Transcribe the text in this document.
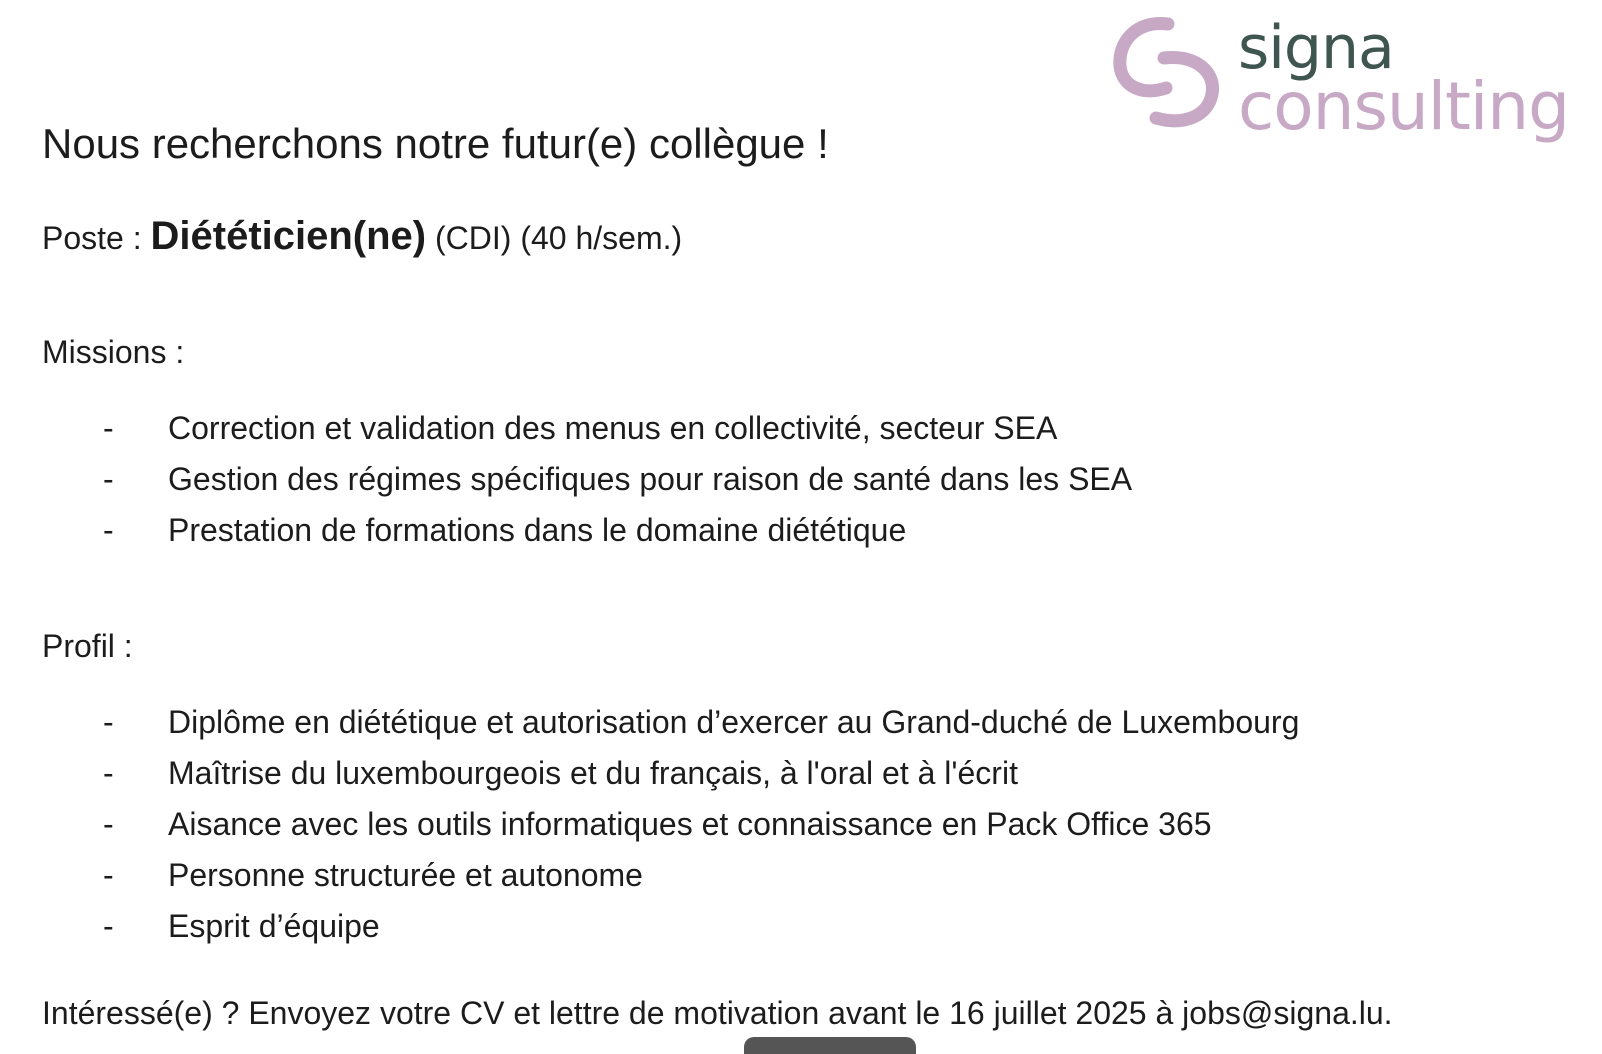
signa
consulting
Nous recherchons notre futur(e) collègue !
Poste : Diététicien(ne) (CDI) (40 h/sem.)
Missions :
- Correction et validation des menus en collectivité, secteur SEA
- Gestion des régimes spécifiques pour raison de santé dans les SEA
- Prestation de formations dans le domaine diététique
Profil :
- Diplôme en diététique et autorisation d’exercer au Grand-duché de Luxembourg
- Maîtrise du luxembourgeois et du français, à l'oral et à l'écrit
- Aisance avec les outils informatiques et connaissance en Pack Office 365
- Personne structurée et autonome
- Esprit d’équipe
Intéressé(e) ? Envoyez votre CV et lettre de motivation avant le 16 juillet 2025 à jobs@signa.lu.
